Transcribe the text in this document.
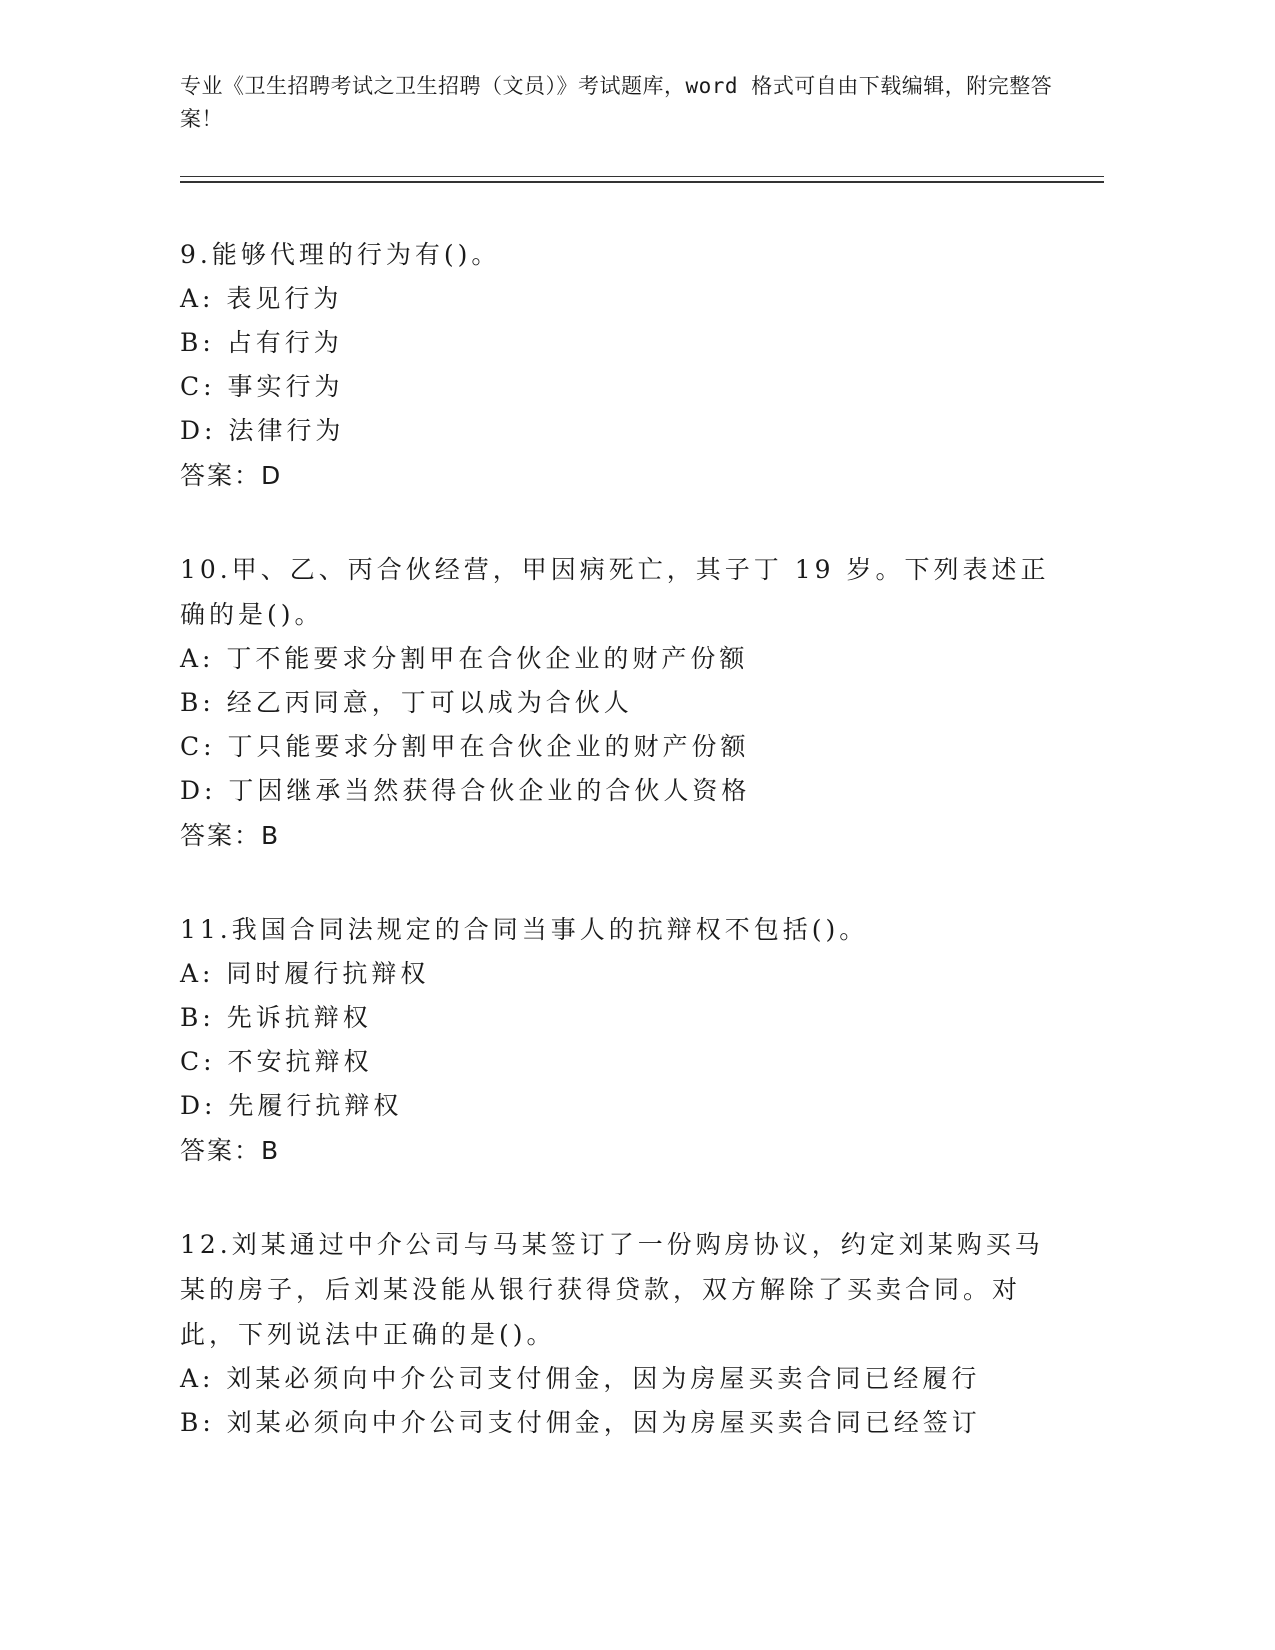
专业《卫生招聘考试之卫生招聘（文员）》考试题库，word 格式可自由下载编辑，附完整答案！
9.能够代理的行为有()。
A: 表见行为
B: 占有行为
C: 事实行为
D: 法律行为
答案：D
10.甲、乙、丙合伙经营，甲因病死亡，其子丁 19 岁。下列表述正确的是()。
A: 丁不能要求分割甲在合伙企业的财产份额
B: 经乙丙同意，丁可以成为合伙人
C: 丁只能要求分割甲在合伙企业的财产份额
D: 丁因继承当然获得合伙企业的合伙人资格
答案：B
11.我国合同法规定的合同当事人的抗辩权不包括()。
A: 同时履行抗辩权
B: 先诉抗辩权
C: 不安抗辩权
D: 先履行抗辩权
答案：B
12.刘某通过中介公司与马某签订了一份购房协议，约定刘某购买马某的房子，后刘某没能从银行获得贷款，双方解除了买卖合同。对此，下列说法中正确的是()。
A: 刘某必须向中介公司支付佣金，因为房屋买卖合同已经履行
B: 刘某必须向中介公司支付佣金，因为房屋买卖合同已经签订
